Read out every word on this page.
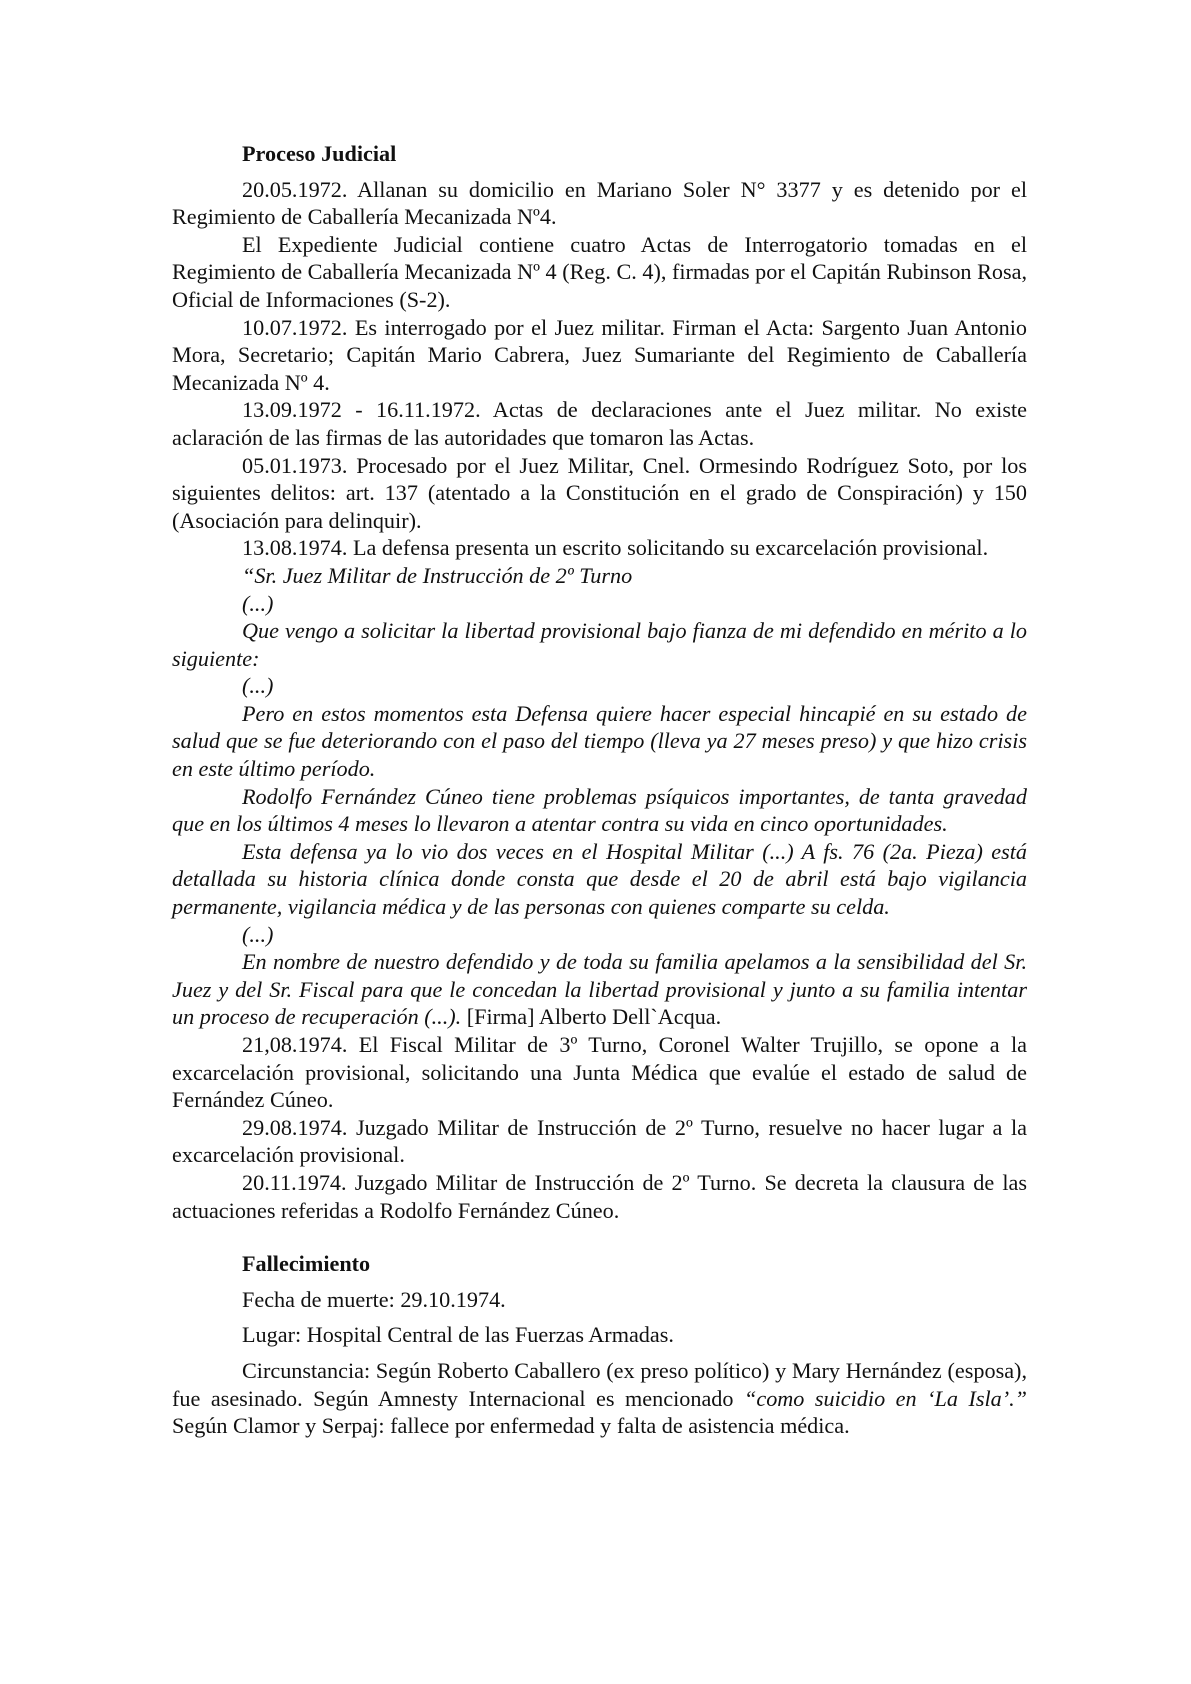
Proceso Judicial

20.05.1972. Allanan su domicilio en Mariano Soler N° 3377 y es detenido por el Regimiento de Caballería Mecanizada Nº4.

El Expediente Judicial contiene cuatro Actas de Interrogatorio tomadas en el Regimiento de Caballería Mecanizada Nº 4 (Reg. C. 4), firmadas por el Capitán Rubinson Rosa, Oficial de Informaciones (S-2).

10.07.1972. Es interrogado por el Juez militar. Firman el Acta: Sargento Juan Antonio Mora, Secretario; Capitán Mario Cabrera, Juez Sumariante del Regimiento de Caballería Mecanizada Nº 4.

13.09.1972 - 16.11.1972. Actas de declaraciones ante el Juez militar. No existe aclaración de las firmas de las autoridades que tomaron las Actas.

05.01.1973. Procesado por el Juez Militar, Cnel. Ormesindo Rodríguez Soto, por los siguientes delitos: art. 137 (atentado a la Constitución en el grado de Conspiración) y 150 (Asociación para delinquir).

13.08.1974. La defensa presenta un escrito solicitando su excarcelación provisional.

“Sr. Juez Militar de Instrucción de 2º Turno

(...)

Que vengo a solicitar la libertad provisional bajo fianza de mi defendido en mérito a lo siguiente:

(...)

Pero en estos momentos esta Defensa quiere hacer especial hincapié en su estado de salud que se fue deteriorando con el paso del tiempo (lleva ya 27 meses preso) y que hizo crisis en este último período.

Rodolfo Fernández Cúneo tiene problemas psíquicos importantes, de tanta gravedad que en los últimos 4 meses lo llevaron a atentar contra su vida en cinco oportunidades.

Esta defensa ya lo vio dos veces en el Hospital Militar (...) A fs. 76 (2a. Pieza) está detallada su historia clínica donde consta que desde el 20 de abril está bajo vigilancia permanente, vigilancia médica y de las personas con quienes comparte su celda.

(...)

En nombre de nuestro defendido y de toda su familia apelamos a la sensibilidad del Sr. Juez y del Sr. Fiscal para que le concedan la libertad provisional y junto a su familia intentar un proceso de recuperación (...). [Firma] Alberto Dell`Acqua.

21,08.1974. El Fiscal Militar de 3º Turno, Coronel Walter Trujillo, se opone a la excarcelación provisional, solicitando una Junta Médica que evalúe el estado de salud de Fernández Cúneo.

29.08.1974. Juzgado Militar de Instrucción de 2º Turno, resuelve no hacer lugar a la excarcelación provisional.

20.11.1974. Juzgado Militar de Instrucción de 2º Turno. Se decreta la clausura de las actuaciones referidas a Rodolfo Fernández Cúneo.

Fallecimiento

Fecha de muerte: 29.10.1974.

Lugar: Hospital Central de las Fuerzas Armadas.

Circunstancia: Según Roberto Caballero (ex preso político) y Mary Hernández (esposa), fue asesinado. Según Amnesty Internacional es mencionado “como suicidio en ‘La Isla’.” Según Clamor y Serpaj: fallece por enfermedad y falta de asistencia médica.
